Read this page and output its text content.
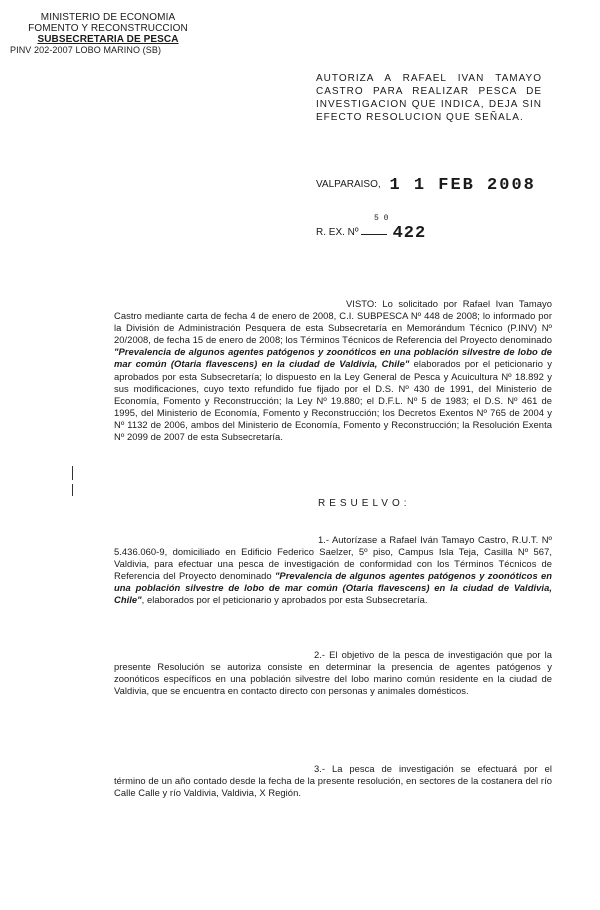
MINISTERIO DE ECONOMIA
FOMENTO Y RECONSTRUCCION
SUBSECRETARIA DE PESCA
PINV 202-2007 LOBO MARINO (SB)
AUTORIZA A RAFAEL IVAN TAMAYO CASTRO PARA REALIZAR PESCA DE INVESTIGACION QUE INDICA, DEJA SIN EFECTO RESOLUCION QUE SEÑALA.
VALPARAISO, 1 1 FEB 2008
5 0
R. EX. Nº 422
VISTO: Lo solicitado por Rafael Ivan Tamayo Castro mediante carta de fecha 4 de enero de 2008, C.I. SUBPESCA Nº 448 de 2008; lo informado por la División de Administración Pesquera de esta Subsecretaría en Memorándum Técnico (P.INV) Nº 20/2008, de fecha 15 de enero de 2008; los Términos Técnicos de Referencia del Proyecto denominado "Prevalencia de algunos agentes patógenos y zoonóticos en una población silvestre de lobo de mar común (Otaria flavescens) en la ciudad de Valdivia, Chile" elaborados por el peticionario y aprobados por esta Subsecretaría; lo dispuesto en la Ley General de Pesca y Acuicultura Nº 18.892 y sus modificaciones, cuyo texto refundido fue fijado por el D.S. Nº 430 de 1991, del Ministerio de Economía, Fomento y Reconstrucción; la Ley Nº 19.880; el D.F.L. Nº 5 de 1983; el D.S. Nº 461 de 1995, del Ministerio de Economía, Fomento y Reconstrucción; los Decretos Exentos Nº 765 de 2004 y Nº 1132 de 2006, ambos del Ministerio de Economía, Fomento y Reconstrucción; la Resolución Exenta Nº 2099 de 2007 de esta Subsecretaría.
RESUELVO:
1.- Autorízase a Rafael Iván Tamayo Castro, R.U.T. Nº 5.436.060-9, domiciliado en Edificio Federico Saelzer, 5º piso, Campus Isla Teja, Casilla Nº 567, Valdivia, para efectuar una pesca de investigación de conformidad con los Términos Técnicos de Referencia del Proyecto denominado "Prevalencia de algunos agentes patógenos y zoonóticos en una población silvestre de lobo de mar común (Otaria flavescens) en la ciudad de Valdivia, Chile", elaborados por el peticionario y aprobados por esta Subsecretaría.
2.- El objetivo de la pesca de investigación que por la presente Resolución se autoriza consiste en determinar la presencia de agentes patógenos y zoonóticos específicos en una población silvestre del lobo marino común residente en la ciudad de Valdivia, que se encuentra en contacto directo con personas y animales domésticos.
3.- La pesca de investigación se efectuará por el término de un año contado desde la fecha de la presente resolución, en sectores de la costanera del río Calle Calle y río Valdivia, Valdivia, X Región.
